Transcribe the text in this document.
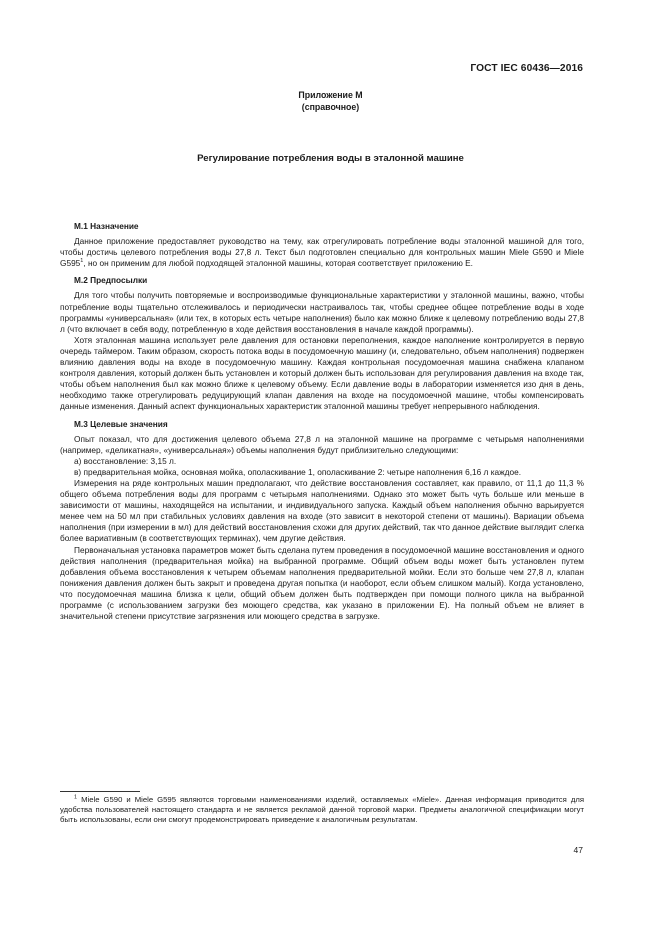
ГОСТ IEC 60436—2016
Приложение М
(справочное)
Регулирование потребления воды в эталонной машине
М.1 Назначение

Данное приложение предоставляет руководство на тему, как отрегулировать потребление воды эталонной машиной для того, чтобы достичь целевого потребления воды 27,8 л. Текст был подготовлен специально для контрольных машин Miele G590 и Miele $G595^1$, но он применим для любой подходящей эталонной машины, которая соответствует приложению Е.

М.2 Предпосылки

Для того чтобы получить повторяемые и воспроизводимые функциональные характеристики у эталонной машины, важно, чтобы потребление воды тщательно отслеживалось и периодически настраивалось так, чтобы среднее общее потребление воды в ходе программы «универсальная» (или тех, в которых есть четыре наполнения) было как можно ближе к целевому потреблению воды 27,8 л (что включает в себя воду, потребленную в ходе действия восстановления в начале каждой программы).

Хотя эталонная машина использует реле давления для остановки переполнения, каждое наполнение контролируется в первую очередь таймером. Таким образом, скорость потока воды в посудомоечную машину (и, следовательно, объем наполнения) подвержен влиянию давления воды на входе в посудомоечную машину. Каждая контрольная посудомоечная машина снабжена клапаном контроля давления, который должен быть установлен и который должен быть использован для регулирования давления на входе так, чтобы объем наполнения был как можно ближе к целевому объему. Если давление воды в лаборатории изменяется изо дня в день, необходимо также отрегулировать редуцирующий клапан давления на входе на посудомоечной машине, чтобы компенсировать данные изменения. Данный аспект функциональных характеристик эталонной машины требует непрерывного наблюдения.

М.3 Целевые значения

Опыт показал, что для достижения целевого объема 27,8 л на эталонной машине на программе с четырьмя наполнениями (например, «деликатная», «универсальная») объемы наполнения будут приблизительно следующими:

а) восстановление: 3,15 л.

в) предварительная мойка, основная мойка, ополаскивание 1, ополаскивание 2: четыре наполнения 6,16 л каждое.

Измерения на ряде контрольных машин предполагают, что действие восстановления составляет, как правило, от 11,1 до 11,3 % общего объема потребления воды для программ с четырьмя наполнениями. Однако это может быть чуть больше или меньше в зависимости от машины, находящейся на испытании, и индивидуального запуска. Каждый объем наполнения обычно варьируется менее чем на 50 мл при стабильных условиях давления на входе (это зависит в некоторой степени от машины). Вариации объема наполнения (при измерении в мл) для действий восстановления схожи для других действий, так что данное действие выглядит слегка более вариативным (в соответствующих терминах), чем другие действия.

Первоначальная установка параметров может быть сделана путем проведения в посудомоечной машине восстановления и одного действия наполнения (предварительная мойка) на выбранной программе. Общий объем воды может быть установлен путем добавления объема восстановления к четырем объемам наполнения предварительной мойки. Если это больше чем 27,8 л, клапан понижения давления должен быть закрыт и проведена другая попытка (и наоборот, если объем слишком малый). Когда установлено, что посудомоечная машина близка к цели, общий объем должен быть подтвержден при помощи полного цикла на выбранной программе (с использованием загрузки без моющего средства, как указано в приложении Е). На полный объем не влияет в значительной степени присутствие загрязнения или моющего средства в загрузке.

$^1$ Miele G590 и Miele G595 являются торговыми наименованиями изделий, оставляемых «Miele». Данная информация приводится для удобства пользователей настоящего стандарта и не является рекламой данной торговой марки. Предметы аналогичной спецификации могут быть использованы, если они смогут продемонстрировать приведение к аналогичным результатам.

47
